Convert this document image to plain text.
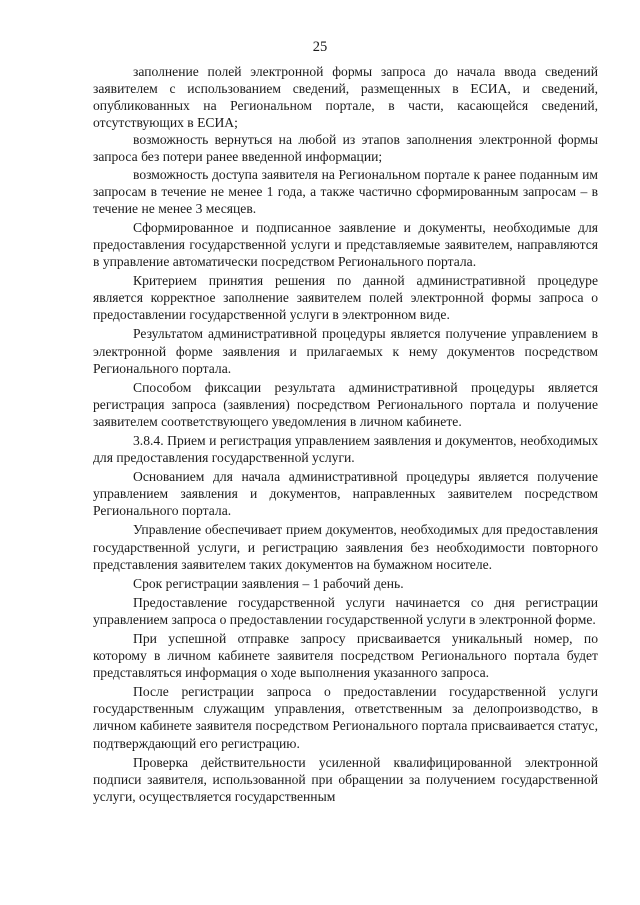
25

заполнение полей электронной формы запроса до начала ввода сведений заявителем с использованием сведений, размещенных в ЕСИА, и сведений, опубликованных на Региональном портале, в части, касающейся сведений, отсутствующих в ЕСИА;

возможность вернуться на любой из этапов заполнения электронной формы запроса без потери ранее введенной информации;

возможность доступа заявителя на Региональном портале к ранее поданным им запросам в течение не менее 1 года, а также частично сформированным запросам – в течение не менее 3 месяцев.

Сформированное и подписанное заявление и документы, необходимые для предоставления государственной услуги и представляемые заявителем, направляются в управление автоматически посредством Регионального портала.

Критерием принятия решения по данной административной процедуре является корректное заполнение заявителем полей электронной формы запроса о предоставлении государственной услуги в электронном виде.

Результатом административной процедуры является получение управлением в электронной форме заявления и прилагаемых к нему документов посредством Регионального портала.

Способом фиксации результата административной процедуры является регистрация запроса (заявления) посредством Регионального портала и получение заявителем соответствующего уведомления в личном кабинете.

3.8.4. Прием и регистрация управлением заявления и документов, необходимых для предоставления государственной услуги.

Основанием для начала административной процедуры является получение управлением заявления и документов, направленных заявителем посредством Регионального портала.

Управление обеспечивает прием документов, необходимых для предоставления государственной услуги, и регистрацию заявления без необходимости повторного представления заявителем таких документов на бумажном носителе.

Срок регистрации заявления – 1 рабочий день.

Предоставление государственной услуги начинается со дня регистрации управлением запроса о предоставлении государственной услуги в электронной форме.

При успешной отправке запросу присваивается уникальный номер, по которому в личном кабинете заявителя посредством Регионального портала будет представляться информация о ходе выполнения указанного запроса.

После регистрации запроса о предоставлении государственной услуги государственным служащим управления, ответственным за делопроизводство, в личном кабинете заявителя посредством Регионального портала присваивается статус, подтверждающий его регистрацию.

Проверка действительности усиленной квалифицированной электронной подписи заявителя, использованной при обращении за получением государственной услуги, осуществляется государственным
